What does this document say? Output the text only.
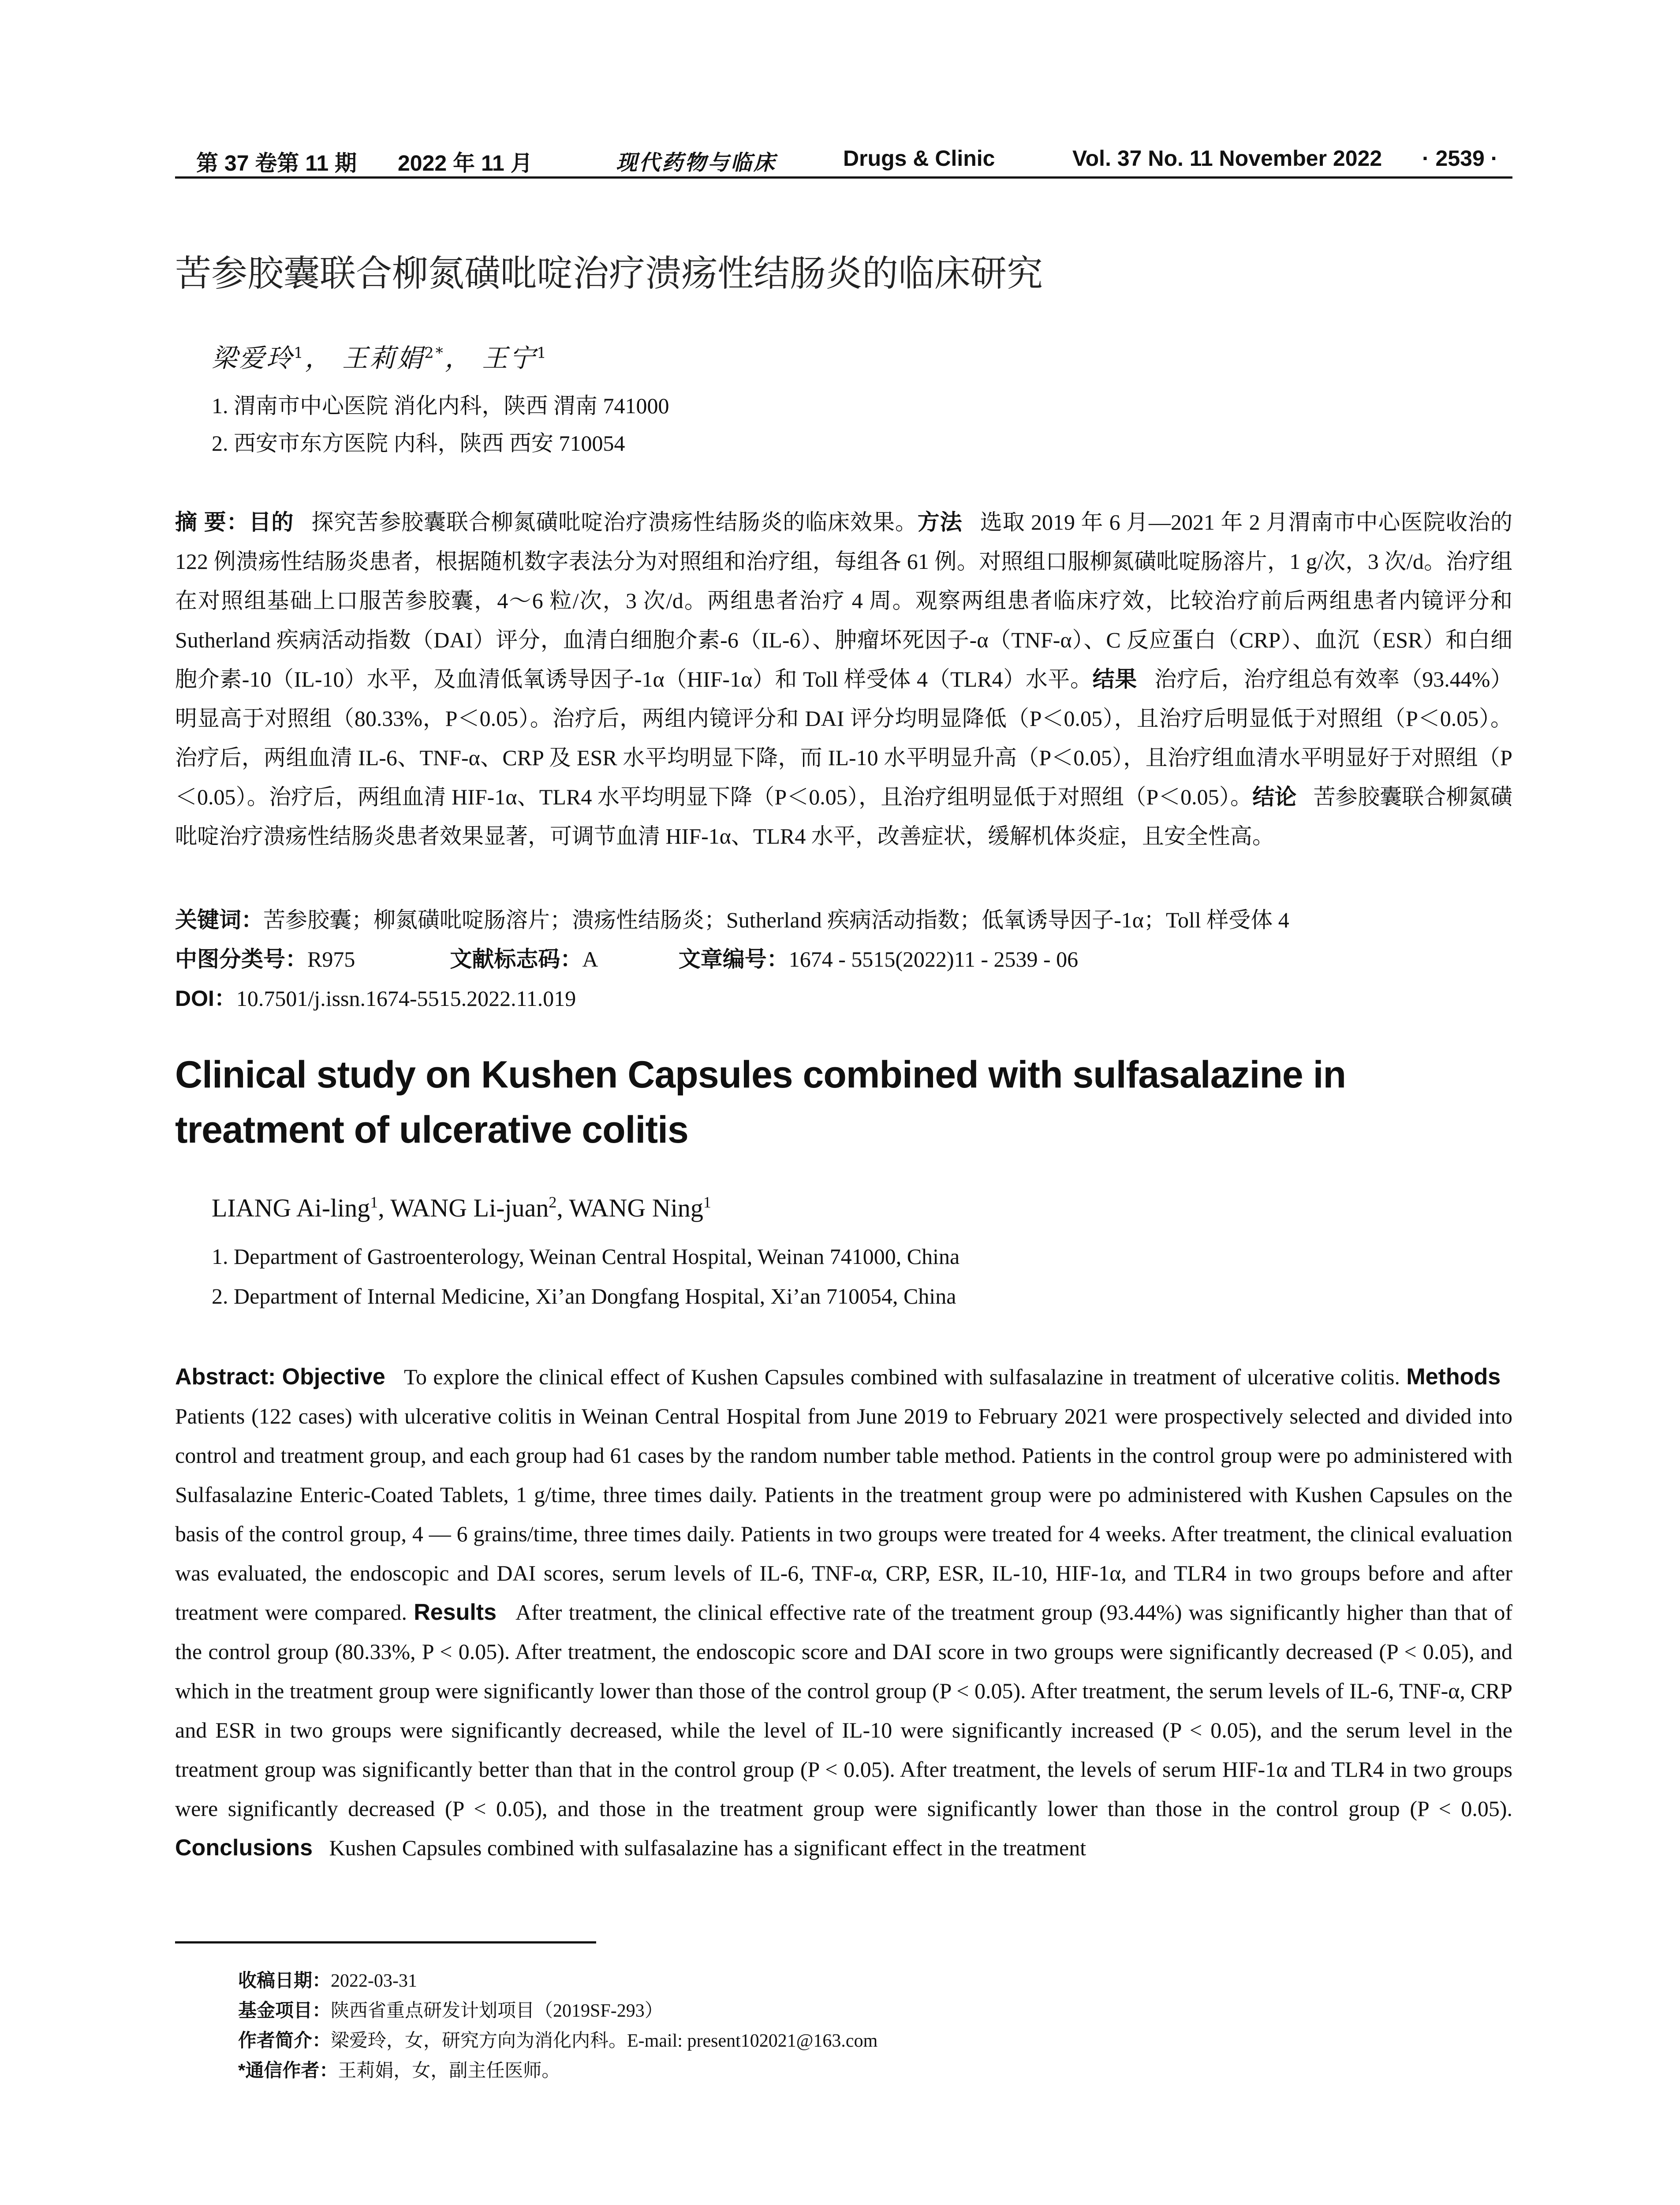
第 37 卷第 11 期 2022 年 11 月	现代药物与临床	Drugs & Clinic	Vol. 37 No. 11 November 2022 · 2539 ·
苦参胶囊联合柳氮磺吡啶治疗溃疡性结肠炎的临床研究
梁爱玲$^1$， 王莉娟$^{2*}$， 王宁$^1$
1. 渭南市中心医院 消化内科，陕西 渭南 741000
2. 西安市东方医院 内科，陕西 西安 710054
摘 要：目的 探究苦参胶囊联合柳氮磺吡啶治疗溃疡性结肠炎的临床效果。方法 选取 2019 年 6 月—2021 年 2 月渭南市中心医院收治的 122 例溃疡性结肠炎患者，根据随机数字表法分为对照组和治疗组，每组各 61 例。对照组口服柳氮磺吡啶肠溶片，1 g/次，3 次/d。治疗组在对照组基础上口服苦参胶囊，4～6 粒/次，3 次/d。两组患者治疗 4 周。观察两组患者临床疗效，比较治疗前后两组患者内镜评分和 Sutherland 疾病活动指数（DAI）评分，血清白细胞介素-6（IL-6）、肿瘤坏死因子-α（TNF-α）、C 反应蛋白（CRP）、血沉（ESR）和白细胞介素-10（IL-10）水平，及血清低氧诱导因子-1α（HIF-1α）和 Toll 样受体 4（TLR4）水平。结果 治疗后，治疗组总有效率（93.44%）明显高于对照组（80.33%，P＜0.05）。治疗后，两组内镜评分和 DAI 评分均明显降低（P＜0.05），且治疗后明显低于对照组（P＜0.05）。治疗后，两组血清 IL-6、TNF-α、CRP 及 ESR 水平均明显下降，而 IL-10 水平明显升高（P＜0.05），且治疗组血清水平明显好于对照组（P＜0.05）。治疗后，两组血清 HIF-1α、TLR4 水平均明显下降（P＜0.05），且治疗组明显低于对照组（P＜0.05）。结论 苦参胶囊联合柳氮磺吡啶治疗溃疡性结肠炎患者效果显著，可调节血清 HIF-1α、TLR4 水平，改善症状，缓解机体炎症，且安全性高。
关键词：苦参胶囊；柳氮磺吡啶肠溶片；溃疡性结肠炎；Sutherland 疾病活动指数；低氧诱导因子-1α；Toll 样受体 4
中图分类号：R975	文献标志码：A	文章编号：1674 - 5515(2022)11 - 2539 - 06
DOI：10.7501/j.issn.1674-5515.2022.11.019
Clinical study on Kushen Capsules combined with sulfasalazine in treatment of ulcerative colitis
LIANG Ai-ling$^1$, WANG Li-juan$^2$, WANG Ning$^1$
1. Department of Gastroenterology, Weinan Central Hospital, Weinan 741000, China
2. Department of Internal Medicine, Xi’an Dongfang Hospital, Xi’an 710054, China
Abstract: Objective To explore the clinical effect of Kushen Capsules combined with sulfasalazine in treatment of ulcerative colitis. Methods   Patients (122 cases) with ulcerative colitis in Weinan Central Hospital from June 2019 to February 2021 were prospectively selected and divided into control and treatment group, and each group had 61 cases by the random number table method. Patients in the control group were po administered with Sulfasalazine Enteric-Coated Tablets, 1 g/time, three times daily. Patients in the treatment group were po administered with Kushen Capsules on the basis of the control group, 4 — 6 grains/time, three times daily. Patients in two groups were treated for 4 weeks. After treatment, the clinical evaluation was evaluated, the endoscopic and DAI scores, serum levels of IL-6, TNF-α, CRP, ESR, IL-10, HIF-1α, and TLR4 in two groups before and after treatment were compared. Results After treatment, the clinical effective rate of the treatment group (93.44%) was significantly higher than that of the control group (80.33%, P < 0.05). After treatment, the endoscopic score and DAI score in two groups were significantly decreased (P < 0.05), and which in the treatment group were significantly lower than those of the control group (P < 0.05). After treatment, the serum levels of IL-6, TNF-α, CRP and ESR in two groups were significantly decreased, while the level of IL-10 were significantly increased (P < 0.05), and the serum level in the treatment group was significantly better than that in the control group (P < 0.05). After treatment, the levels of serum HIF-1α and TLR4 in two groups were significantly decreased (P < 0.05), and those in the treatment group were significantly lower than those in the control group (P < 0.05). Conclusions Kushen Capsules combined with sulfasalazine has a significant effect in the treatment
收稿日期：2022-03-31
基金项目：陕西省重点研发计划项目（2019SF-293）
作者简介：梁爱玲，女，研究方向为消化内科。E-mail: present102021@163.com
*通信作者：王莉娟，女，副主任医师。
